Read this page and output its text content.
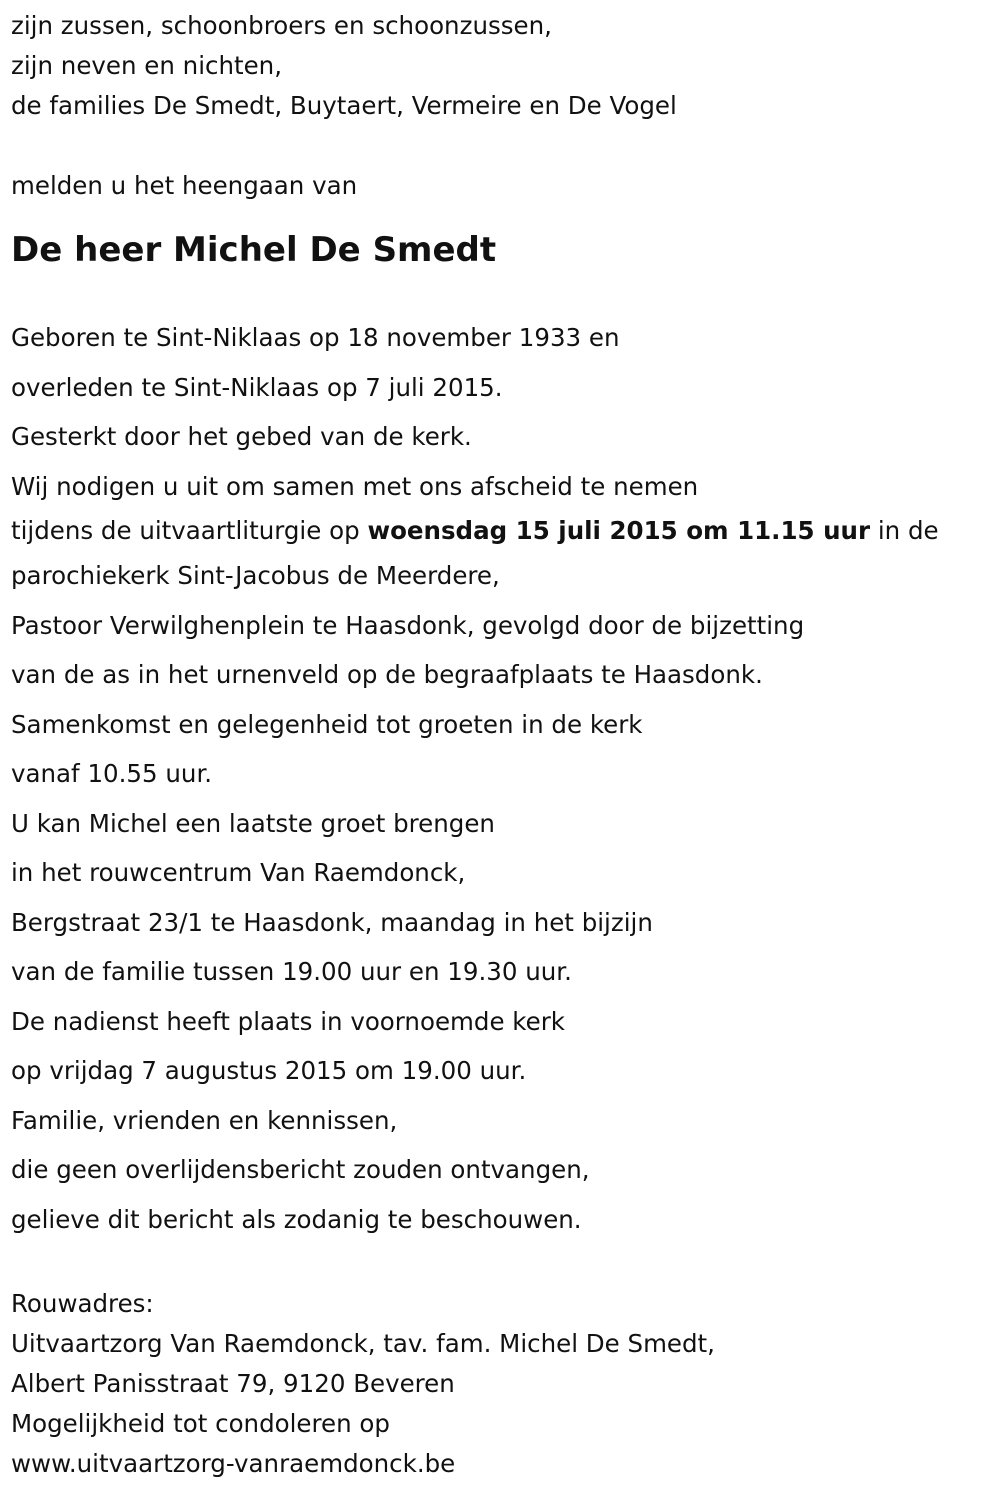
zijn zussen, schoonbroers en schoonzussen,

zijn neven en nichten,

de families De Smedt, Buytaert, Vermeire en De Vogel

melden u het heengaan van

De heer Michel De Smedt

Geboren te Sint-Niklaas op 18 november 1933 en

overleden te Sint-Niklaas op 7 juli 2015.

Gesterkt door het gebed van de kerk.

Wij nodigen u uit om samen met ons afscheid te nemen

tijdens de uitvaartliturgie op woensdag 15 juli 2015 om 11.15 uur in de

parochiekerk Sint-Jacobus de Meerdere,

Pastoor Verwilghenplein te Haasdonk, gevolgd door de bijzetting

van de as in het urnenveld op de begraafplaats te Haasdonk.

Samenkomst en gelegenheid tot groeten in de kerk

vanaf 10.55 uur.

U kan Michel een laatste groet brengen

in het rouwcentrum Van Raemdonck,

Bergstraat 23/1 te Haasdonk, maandag in het bijzijn

van de familie tussen 19.00 uur en 19.30 uur.

De nadienst heeft plaats in voornoemde kerk

op vrijdag 7 augustus 2015 om 19.00 uur.

Familie, vrienden en kennissen,

die geen overlijdensbericht zouden ontvangen,

gelieve dit bericht als zodanig te beschouwen.

Rouwadres:

Uitvaartzorg Van Raemdonck, tav. fam. Michel De Smedt,

Albert Panisstraat 79, 9120 Beveren

Mogelijkheid tot condoleren op

www.uitvaartzorg-vanraemdonck.be
